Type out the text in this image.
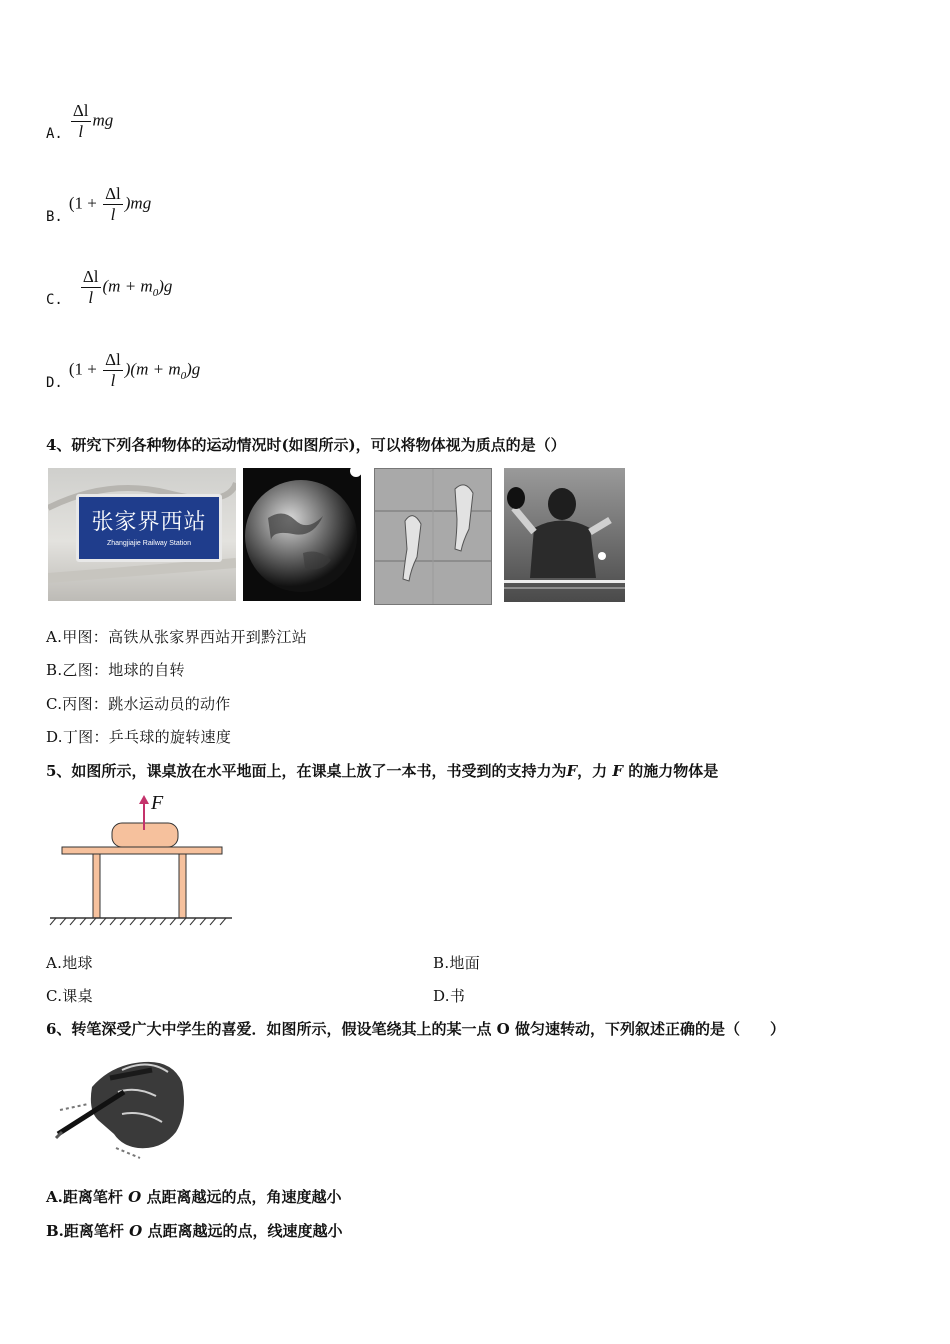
A. $\frac{\Delta l}{l}$ mg
B.
$(1 + \frac{\Delta l}{l} )mg$
C. $\frac{\Delta l}{l} (m + m_0)g$
D.
$(1 + \frac{\Delta l}{l} )(m + m_0)g$
4、研究下列各种物体的运动情况时(如图所示)，可以将物体视为质点的是（）
张家界西站
Zhangjiajie Railway Station
A.甲图：高铁从张家界西站开到黔江站
B.乙图：地球的自转
C.丙图：跳水运动员的动作
D.丁图：乒乓球的旋转速度
5、如图所示，课桌放在水平地面上，在课桌上放了一本书，书受到的支持力为F，力 F 的施力物体是
F
A.地球	B.地面
C.课桌	D.书
6、转笔深受广大中学生的喜爱．如图所示，假设笔绕其上的某一点 O 做匀速转动，下列叙述正确的是（　　）
A.距离笔杆 O 点距离越远的点，角速度越小
B.距离笔杆 O 点距离越远的点，线速度越小
